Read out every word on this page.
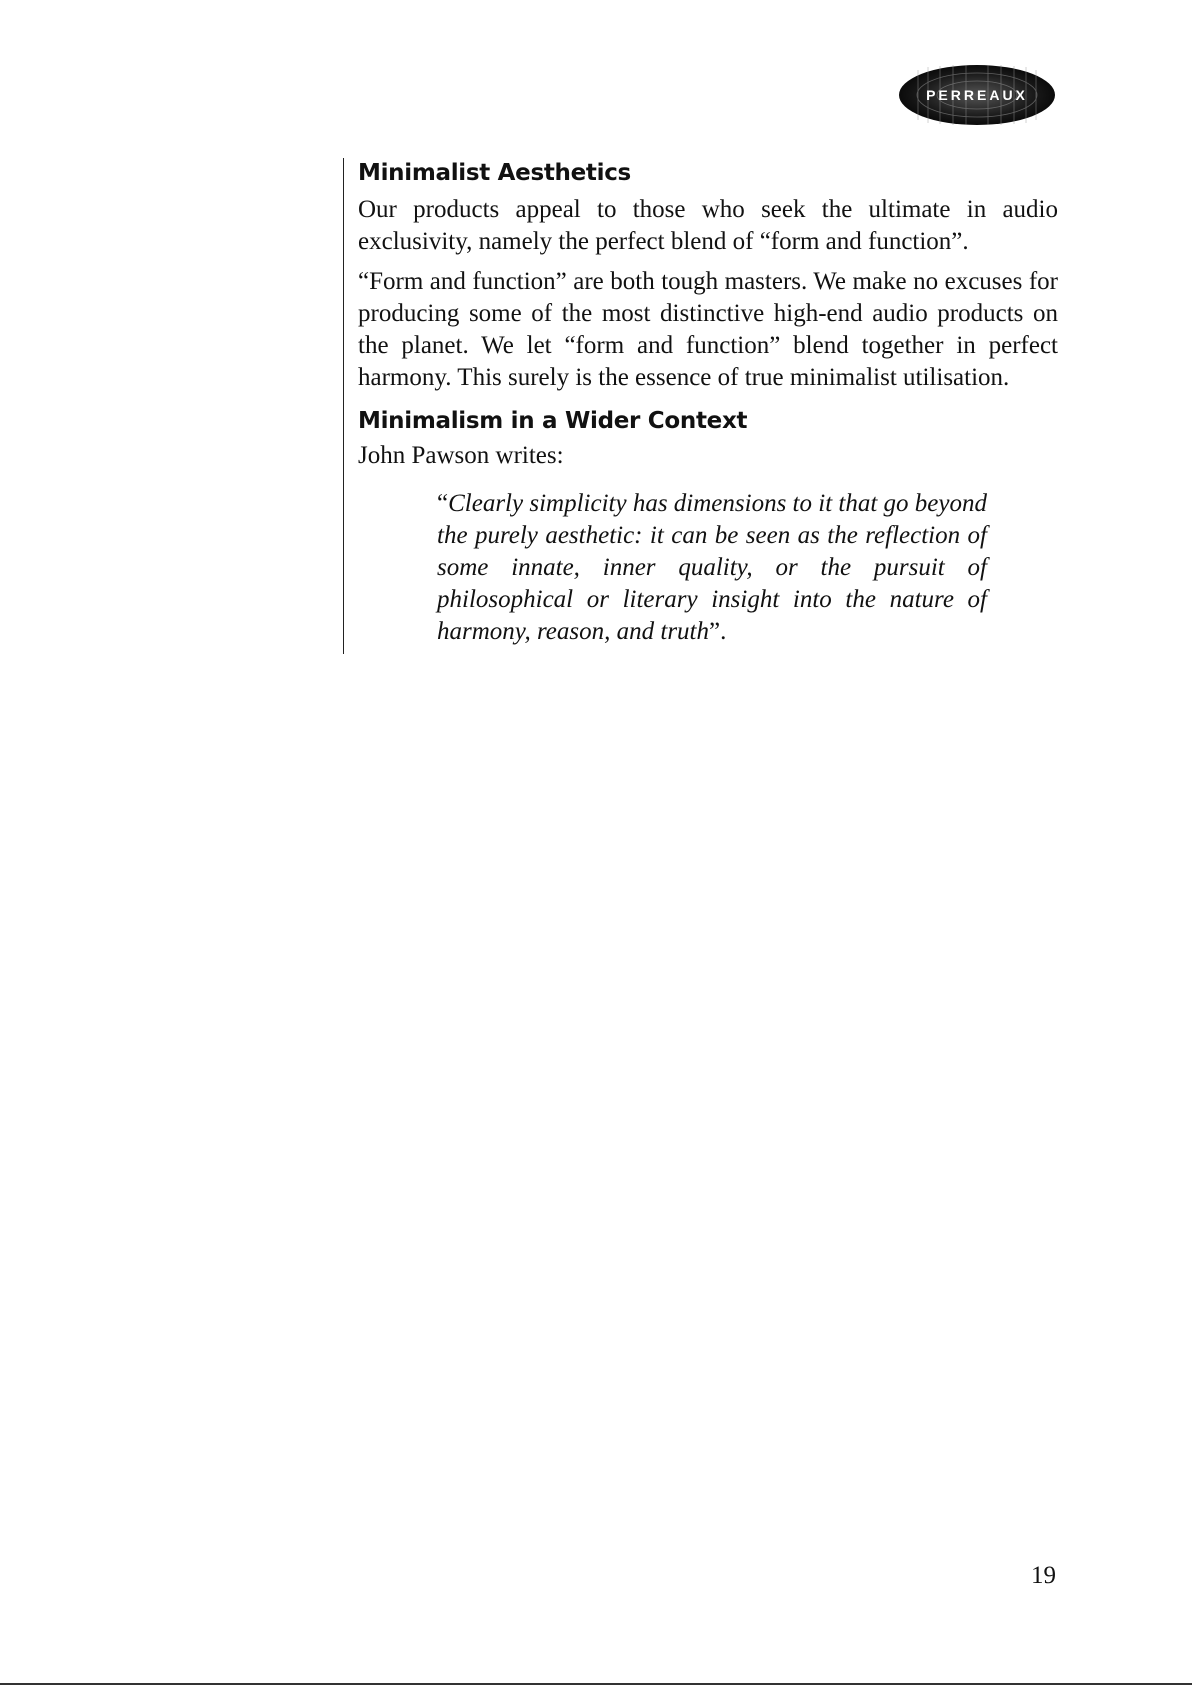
PERREAUX
Minimalist Aesthetics

Our products appeal to those who seek the ultimate in audio exclusivity, namely the perfect blend of “form and function”.

“Form and function” are both tough masters. We make no excuses for producing some of the most distinctive high-end audio products on the planet. We let “form and function” blend together in perfect harmony. This surely is the essence of true minimalist utilisation.

Minimalism in a Wider Context

John Pawson writes:

“Clearly simplicity has dimensions to it that go beyond the purely aesthetic: it can be seen as the reflection of some innate, inner quality, or the pursuit of philosophical or literary insight into the nature of harmony, reason, and truth”.
19
